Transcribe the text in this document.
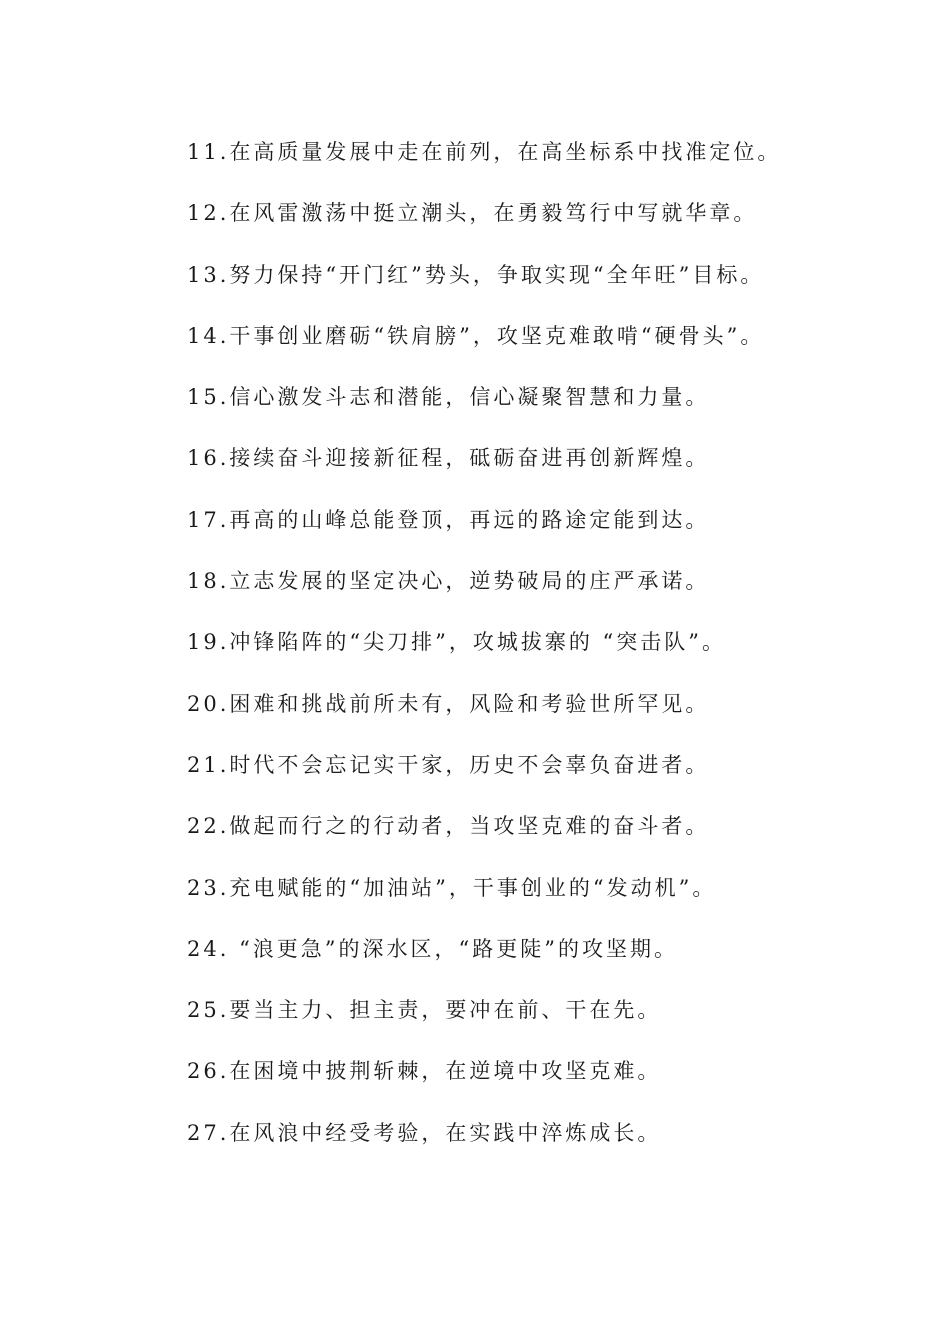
11.在高质量发展中走在前列，在高坐标系中找准定位。
12.在风雷激荡中挺立潮头，在勇毅笃行中写就华章。
13.努力保持“开门红”势头，争取实现“全年旺”目标。
14.干事创业磨砺“铁肩膀”，攻坚克难敢啃“硬骨头”。
15.信心激发斗志和潜能，信心凝聚智慧和力量。
16.接续奋斗迎接新征程，砥砺奋进再创新辉煌。
17.再高的山峰总能登顶，再远的路途定能到达。
18.立志发展的坚定决心，逆势破局的庄严承诺。
19.冲锋陷阵的“尖刀排”，攻城拔寨的 “突击队”。
20.困难和挑战前所未有，风险和考验世所罕见。
21.时代不会忘记实干家，历史不会辜负奋进者。
22.做起而行之的行动者，当攻坚克难的奋斗者。
23.充电赋能的“加油站”，干事创业的“发动机”。
24. “浪更急”的深水区，“路更陡”的攻坚期。
25.要当主力、担主责，要冲在前、干在先。
26.在困境中披荆斩棘，在逆境中攻坚克难。
27.在风浪中经受考验，在实践中淬炼成长。
